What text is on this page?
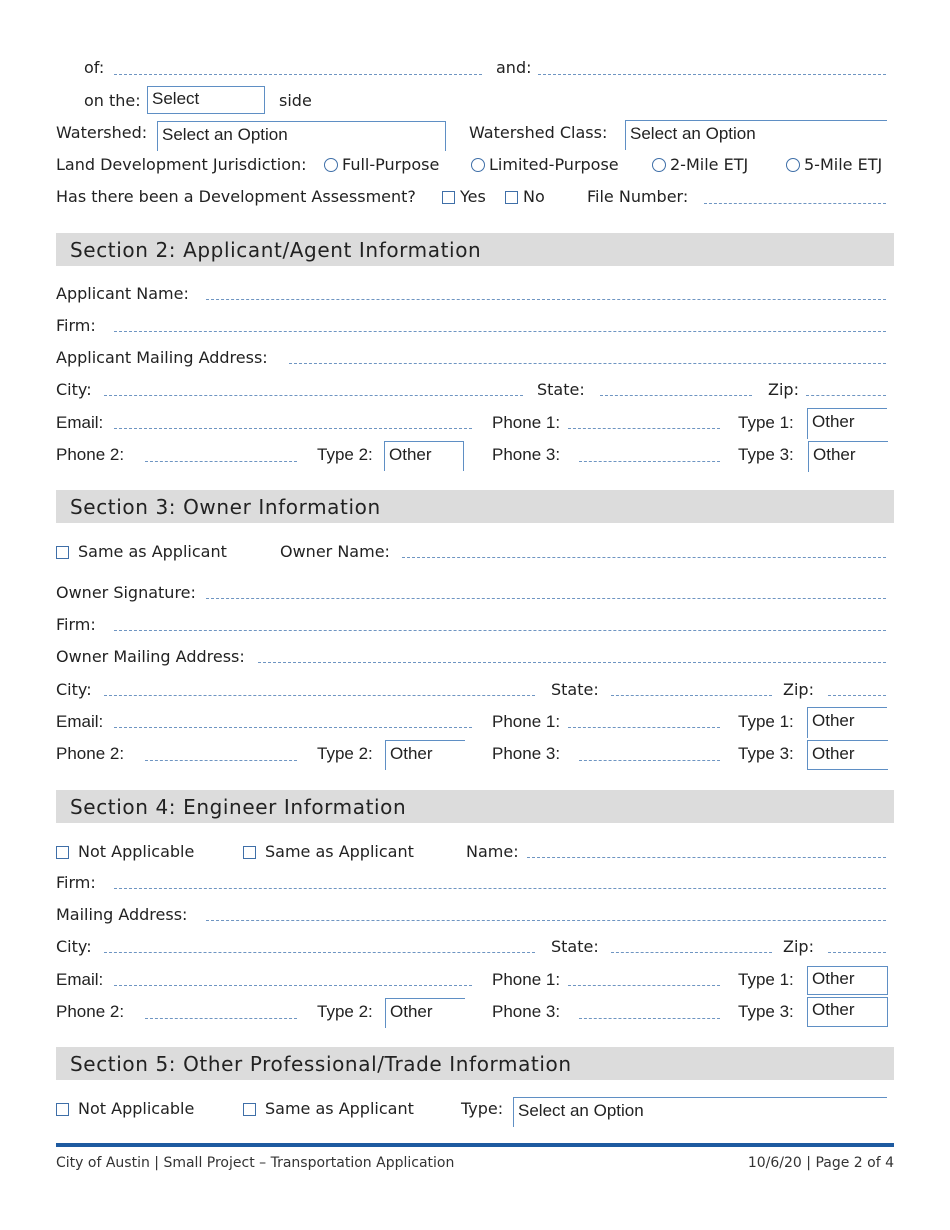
of:	and:
on the: Select	side
Watershed: Select an Option	Watershed Class: Select an Option
Land Development Jurisdiction: Full-Purpose	Limited-Purpose	2-Mile ETJ	5-Mile ETJ
Has there been a Development Assessment?	Yes No	File Number:
Section 2: Applicant/Agent Information
Applicant Name:
Firm:
Applicant Mailing Address:
City:	State:	Zip:
Email:	Phone 1:	Type 1: Other
Phone 2:	Type 2: Other	Phone 3:	Type 3: Other
Section 3: Owner Information
Same as Applicant	Owner Name:
Owner Signature:
Firm:
Owner Mailing Address:
City:	State:	Zip:
Email:	Phone 1:	Type 1: Other
Phone 2:	Type 2: Other	Phone 3:	Type 3: Other
Section 4: Engineer Information
Not Applicable	Same as Applicant	Name:
Firm:
Mailing Address:
City:	State:	Zip:
Email:	Phone 1:	Type 1: Other
Phone 2:	Type 2: Other	Phone 3:	Type 3: Other
Section 5: Other Professional/Trade Information
Not Applicable	Same as Applicant	Type: Select an Option
City of Austin | Small Project – Transportation Application	10/6/20 | Page 2 of 4
